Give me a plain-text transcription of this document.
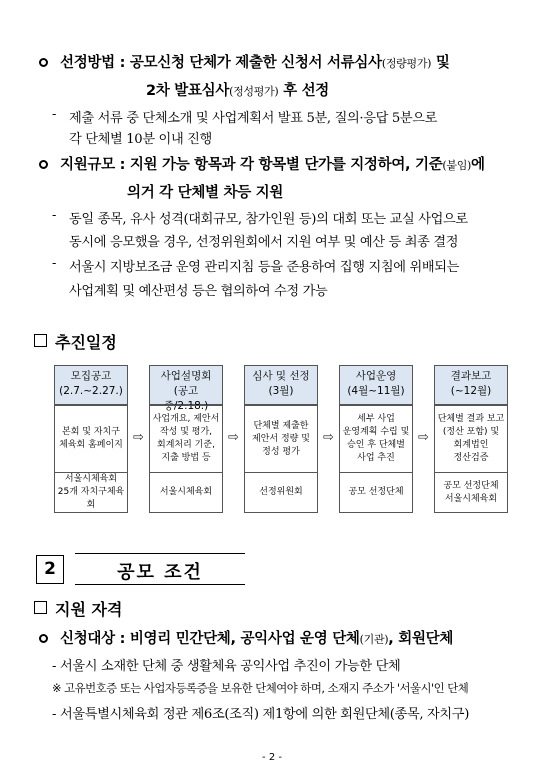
선정방법 : 공모신청 단체가 제출한 신청서 서류심사(정량평가) 및
2차 발표심사(정성평가) 후 선정
- 제출 서류 중 단체소개 및 사업계획서 발표 5분, 질의·응답 5분으로
각 단체별 10분 이내 진행
지원규모 : 지원 가능 항목과 각 항목별 단가를 지정하여, 기준(붙임)에
의거 각 단체별 차등 지원
- 동일 종목, 유사 성격(대회규모, 참가인원 등)의 대회 또는 교실 사업으로
동시에 응모했을 경우, 선정위원회에서 지원 여부 및 예산 등 최종 결정
- 서울시 지방보조금 운영 관리지침 등을 준용하여 집행 지침에 위배되는
사업계획 및 예산편성 등은 협의하여 수정 가능
추진일정
모집공고
(2.7.~2.27.)
본회 및 자치구
체육회 홈페이지
서울시체육회
25개 자치구체육회
⇨
사업설명회
(공고 중/2.18.)
사업개요, 제안서
작성 및 평가,
회계처리 기준,
지출 방법 등
서울시체육회
⇨
심사 및 선정
(3월)
단체별 제출한
제안서 정량 및
정성 평가
선정위원회
⇨
사업운영
(4월~11월)
세부 사업
운영계획 수립 및
승인 후 단체별
사업 추진
공모 선정단체
⇨
결과보고
(~12월)
단체별 결과 보고
(정산 포함) 및
회계법인
정산검증
공모 선정단체
서울시체육회
2	공모 조건
지원 자격
신청대상 : 비영리 민간단체, 공익사업 운영 단체(기관), 회원단체
- 서울시 소재한 단체 중 생활체육 공익사업 추진이 가능한 단체
※ 고유번호증 또는 사업자등록증을 보유한 단체여야 하며, 소재지 주소가 '서울시'인 단체
- 서울특별시체육회 정관 제6조(조직) 제1항에 의한 회원단체(종목, 자치구)
- 2 -
